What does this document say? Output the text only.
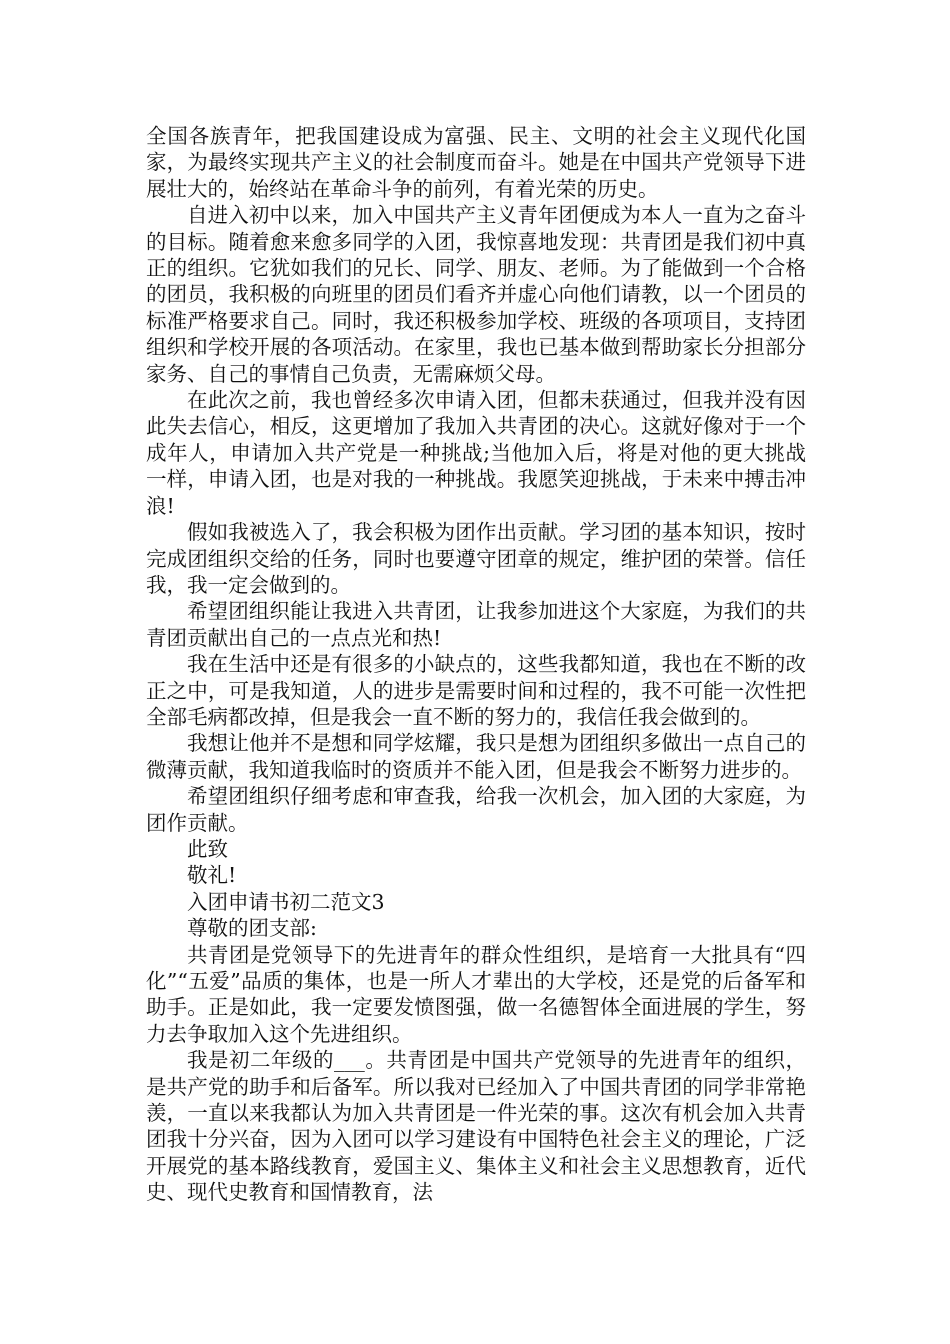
全国各族青年，把我国建设成为富强、民主、文明的社会主义现代化国家，为最终实现共产主义的社会制度而奋斗。她是在中国共产党领导下进展壮大的，始终站在革命斗争的前列，有着光荣的历史。

自进入初中以来，加入中国共产主义青年团便成为本人一直为之奋斗的目标。随着愈来愈多同学的入团，我惊喜地发现：共青团是我们初中真正的组织。它犹如我们的兄长、同学、朋友、老师。为了能做到一个合格的团员，我积极的向班里的团员们看齐并虚心向他们请教，以一个团员的标准严格要求自己。同时，我还积极参加学校、班级的各项项目，支持团组织和学校开展的各项活动。在家里，我也已基本做到帮助家长分担部分家务、自己的事情自己负责，无需麻烦父母。

在此次之前，我也曾经多次申请入团，但都未获通过，但我并没有因此失去信心，相反，这更增加了我加入共青团的决心。这就好像对于一个成年人，申请加入共产党是一种挑战;当他加入后，将是对他的更大挑战一样，申请入团，也是对我的一种挑战。我愿笑迎挑战，于未来中搏击冲浪!

假如我被选入了，我会积极为团作出贡献。学习团的基本知识，按时完成团组织交给的任务，同时也要遵守团章的规定，维护团的荣誉。信任我，我一定会做到的。

希望团组织能让我进入共青团，让我参加进这个大家庭，为我们的共青团贡献出自己的一点点光和热!

我在生活中还是有很多的小缺点的，这些我都知道，我也在不断的改正之中，可是我知道，人的进步是需要时间和过程的，我不可能一次性把全部毛病都改掉，但是我会一直不断的努力的，我信任我会做到的。

我想让他并不是想和同学炫耀，我只是想为团组织多做出一点自己的微薄贡献，我知道我临时的资质并不能入团，但是我会不断努力进步的。

希望团组织仔细考虑和审查我，给我一次机会，加入团的大家庭，为团作贡献。

此致

敬礼!

入团申请书初二范文3

尊敬的团支部:

共青团是党领导下的先进青年的群众性组织，是培育一大批具有“四化”“五爱”品质的集体，也是一所人才辈出的大学校，还是党的后备军和助手。正是如此，我一定要发愤图强，做一名德智体全面进展的学生，努力去争取加入这个先进组织。

我是初二年级的___。共青团是中国共产党领导的先进青年的组织，是共产党的助手和后备军。所以我对已经加入了中国共青团的同学非常艳羡，一直以来我都认为加入共青团是一件光荣的事。这次有机会加入共青团我十分兴奋，因为入团可以学习建设有中国特色社会主义的理论，广泛开展党的基本路线教育，爱国主义、集体主义和社会主义思想教育，近代史、现代史教育和国情教育，法
